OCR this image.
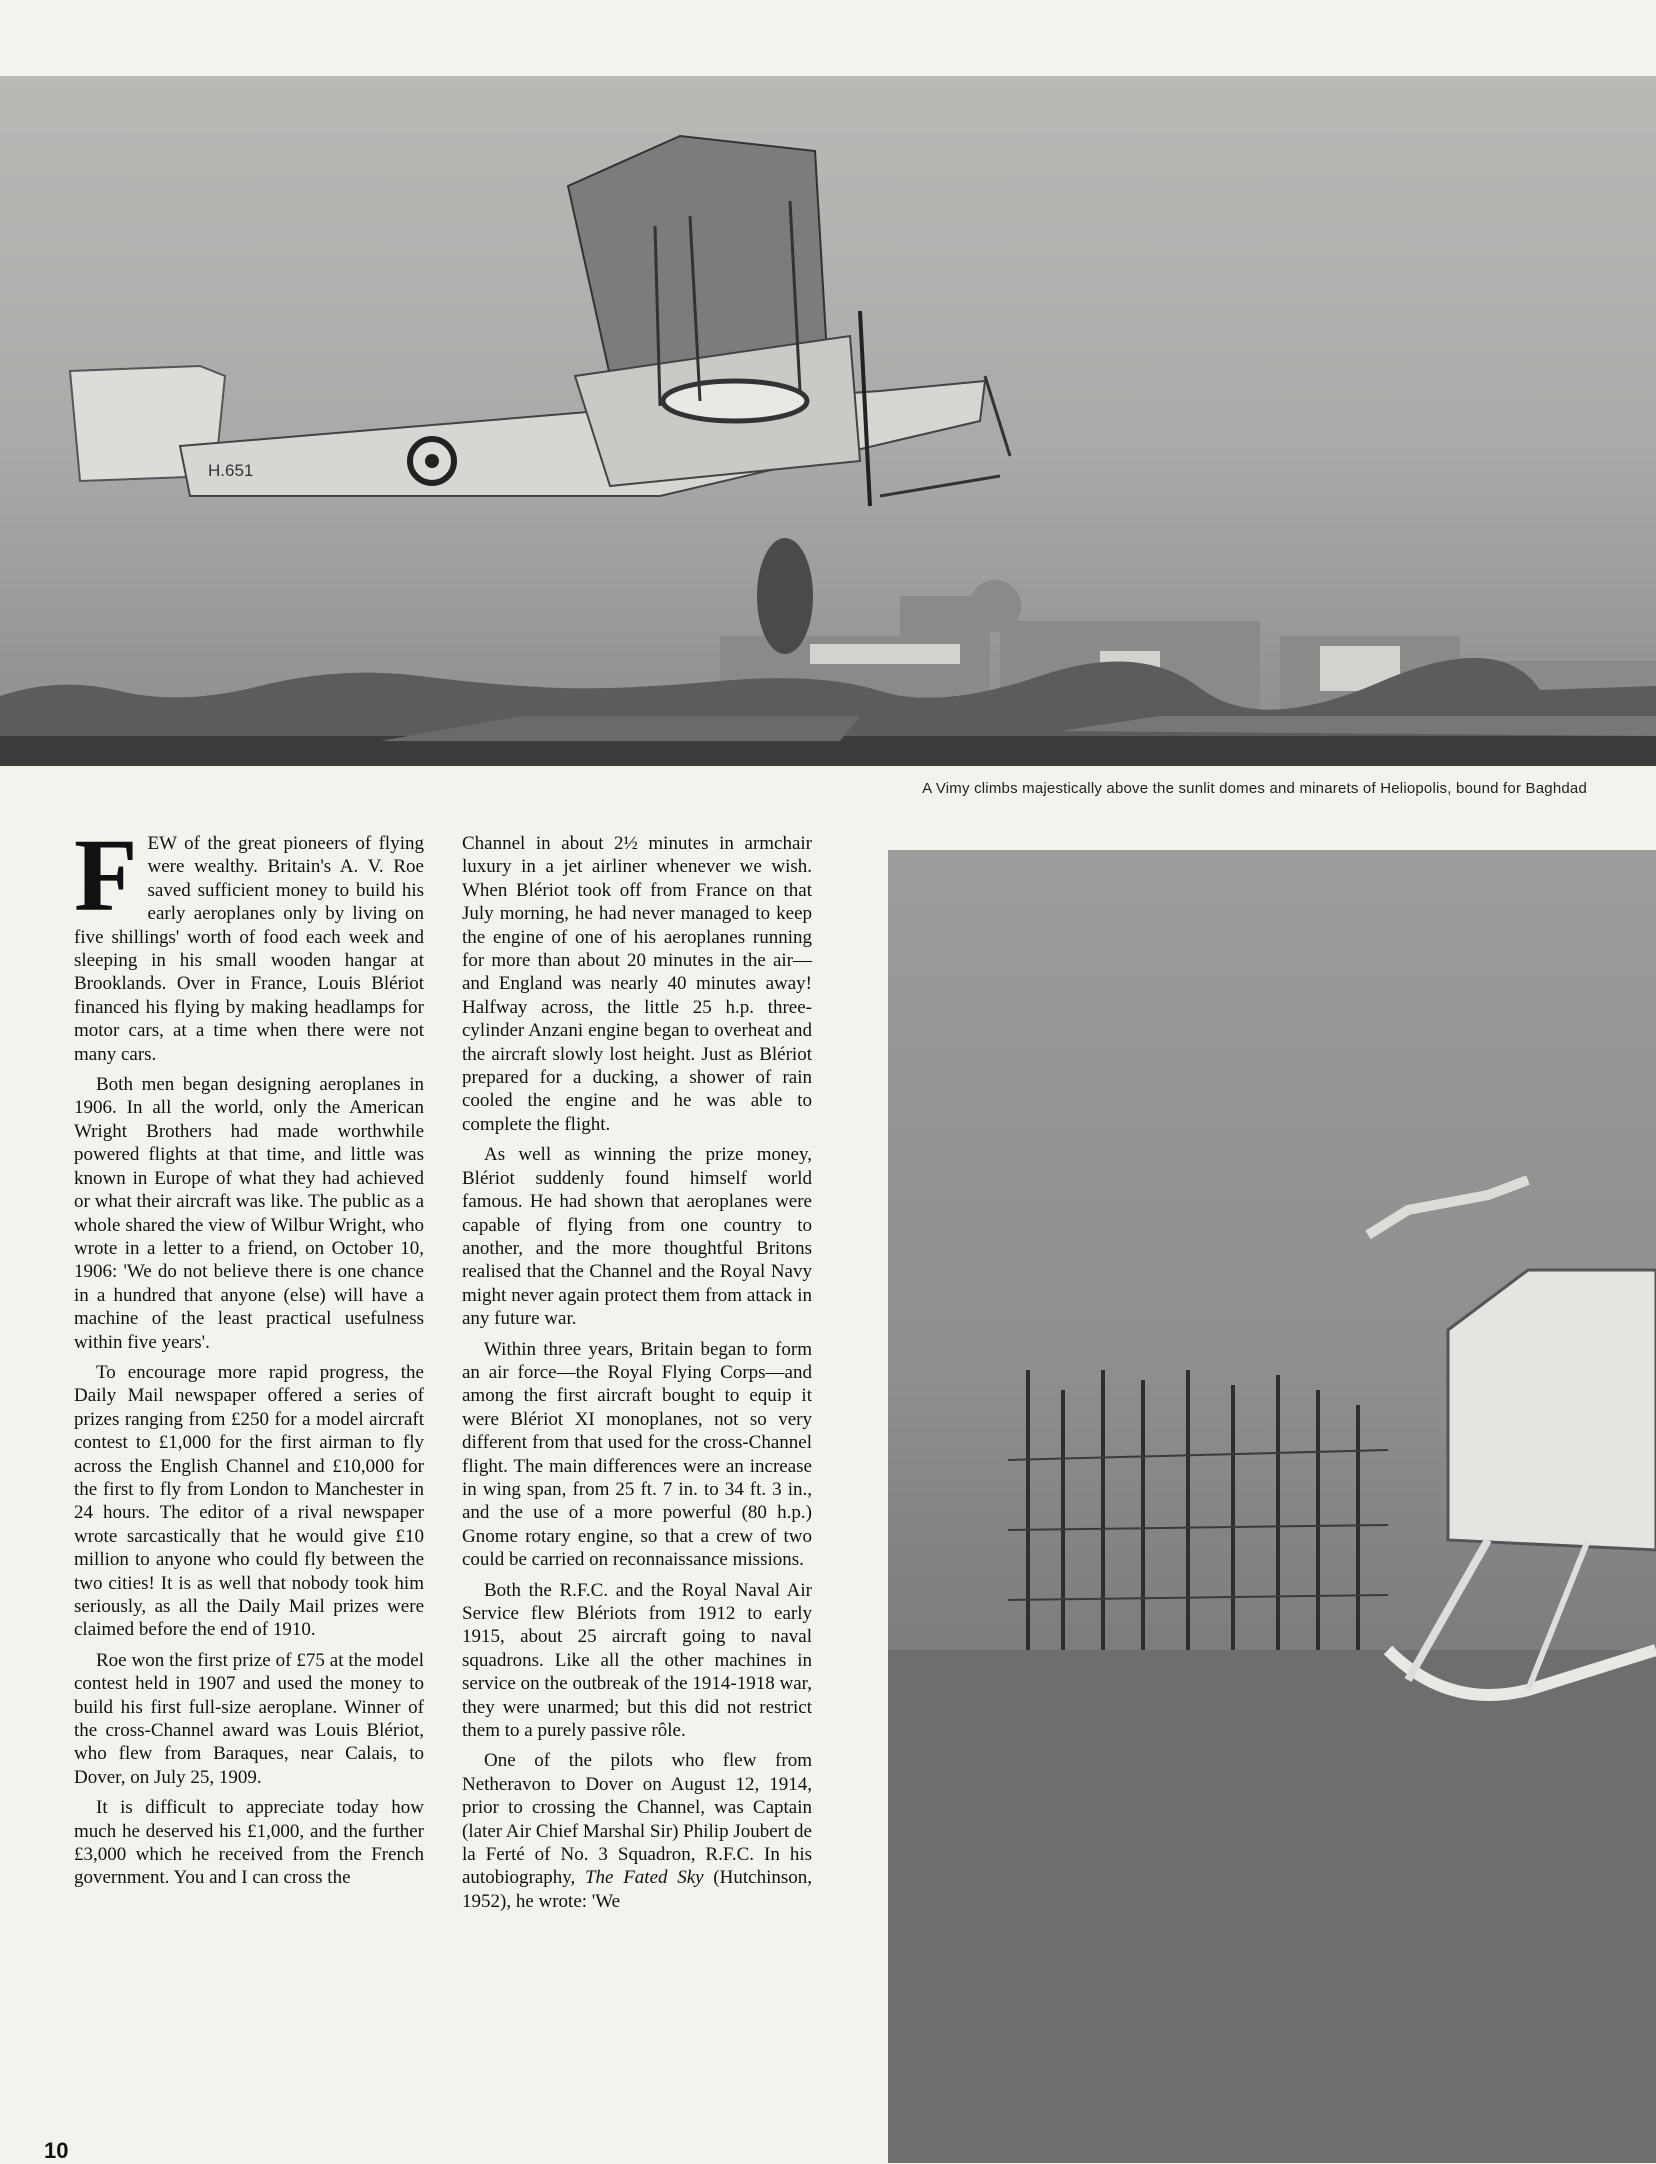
H.651
A Vimy climbs majestically above the sunlit domes and minarets of Heliopolis, bound for Baghdad

FEW of the great pioneers of flying were wealthy. Britain's A. V. Roe saved sufficient money to build his early aeroplanes only by living on five shillings' worth of food each week and sleeping in his small wooden hangar at Brooklands. Over in France, Louis Blériot financed his flying by making headlamps for motor cars, at a time when there were not many cars.

Both men began designing aeroplanes in 1906. In all the world, only the American Wright Brothers had made worthwhile powered flights at that time, and little was known in Europe of what they had achieved or what their aircraft was like. The public as a whole shared the view of Wilbur Wright, who wrote in a letter to a friend, on October 10, 1906: 'We do not believe there is one chance in a hundred that anyone (else) will have a machine of the least practical usefulness within five years'.

To encourage more rapid progress, the Daily Mail newspaper offered a series of prizes ranging from £250 for a model aircraft contest to £1,000 for the first airman to fly across the English Channel and £10,000 for the first to fly from London to Manchester in 24 hours. The editor of a rival newspaper wrote sarcastically that he would give £10 million to anyone who could fly between the two cities! It is as well that nobody took him seriously, as all the Daily Mail prizes were claimed before the end of 1910.

Roe won the first prize of £75 at the model contest held in 1907 and used the money to build his first full-size aeroplane. Winner of the cross-Channel award was Louis Blériot, who flew from Baraques, near Calais, to Dover, on July 25, 1909.

It is difficult to appreciate today how much he deserved his £1,000, and the further £3,000 which he received from the French government. You and I can cross the

Channel in about 2½ minutes in armchair luxury in a jet airliner whenever we wish. When Blériot took off from France on that July morning, he had never managed to keep the engine of one of his aeroplanes running for more than about 20 minutes in the air—and England was nearly 40 minutes away! Halfway across, the little 25 h.p. three-cylinder Anzani engine began to overheat and the aircraft slowly lost height. Just as Blériot prepared for a ducking, a shower of rain cooled the engine and he was able to complete the flight.

As well as winning the prize money, Blériot suddenly found himself world famous. He had shown that aeroplanes were capable of flying from one country to another, and the more thoughtful Britons realised that the Channel and the Royal Navy might never again protect them from attack in any future war.

Within three years, Britain began to form an air force—the Royal Flying Corps—and among the first aircraft bought to equip it were Blériot XI monoplanes, not so very different from that used for the cross-Channel flight. The main differences were an increase in wing span, from 25 ft. 7 in. to 34 ft. 3 in., and the use of a more powerful (80 h.p.) Gnome rotary engine, so that a crew of two could be carried on reconnaissance missions.

Both the R.F.C. and the Royal Naval Air Service flew Blériots from 1912 to early 1915, about 25 aircraft going to naval squadrons. Like all the other machines in service on the outbreak of the 1914-1918 war, they were unarmed; but this did not restrict them to a purely passive rôle.

One of the pilots who flew from Netheravon to Dover on August 12, 1914, prior to crossing the Channel, was Captain (later Air Chief Marshal Sir) Philip Joubert de la Ferté of No. 3 Squadron, R.F.C. In his autobiography, The Fated Sky (Hutchinson, 1952), he wrote: 'We

10
